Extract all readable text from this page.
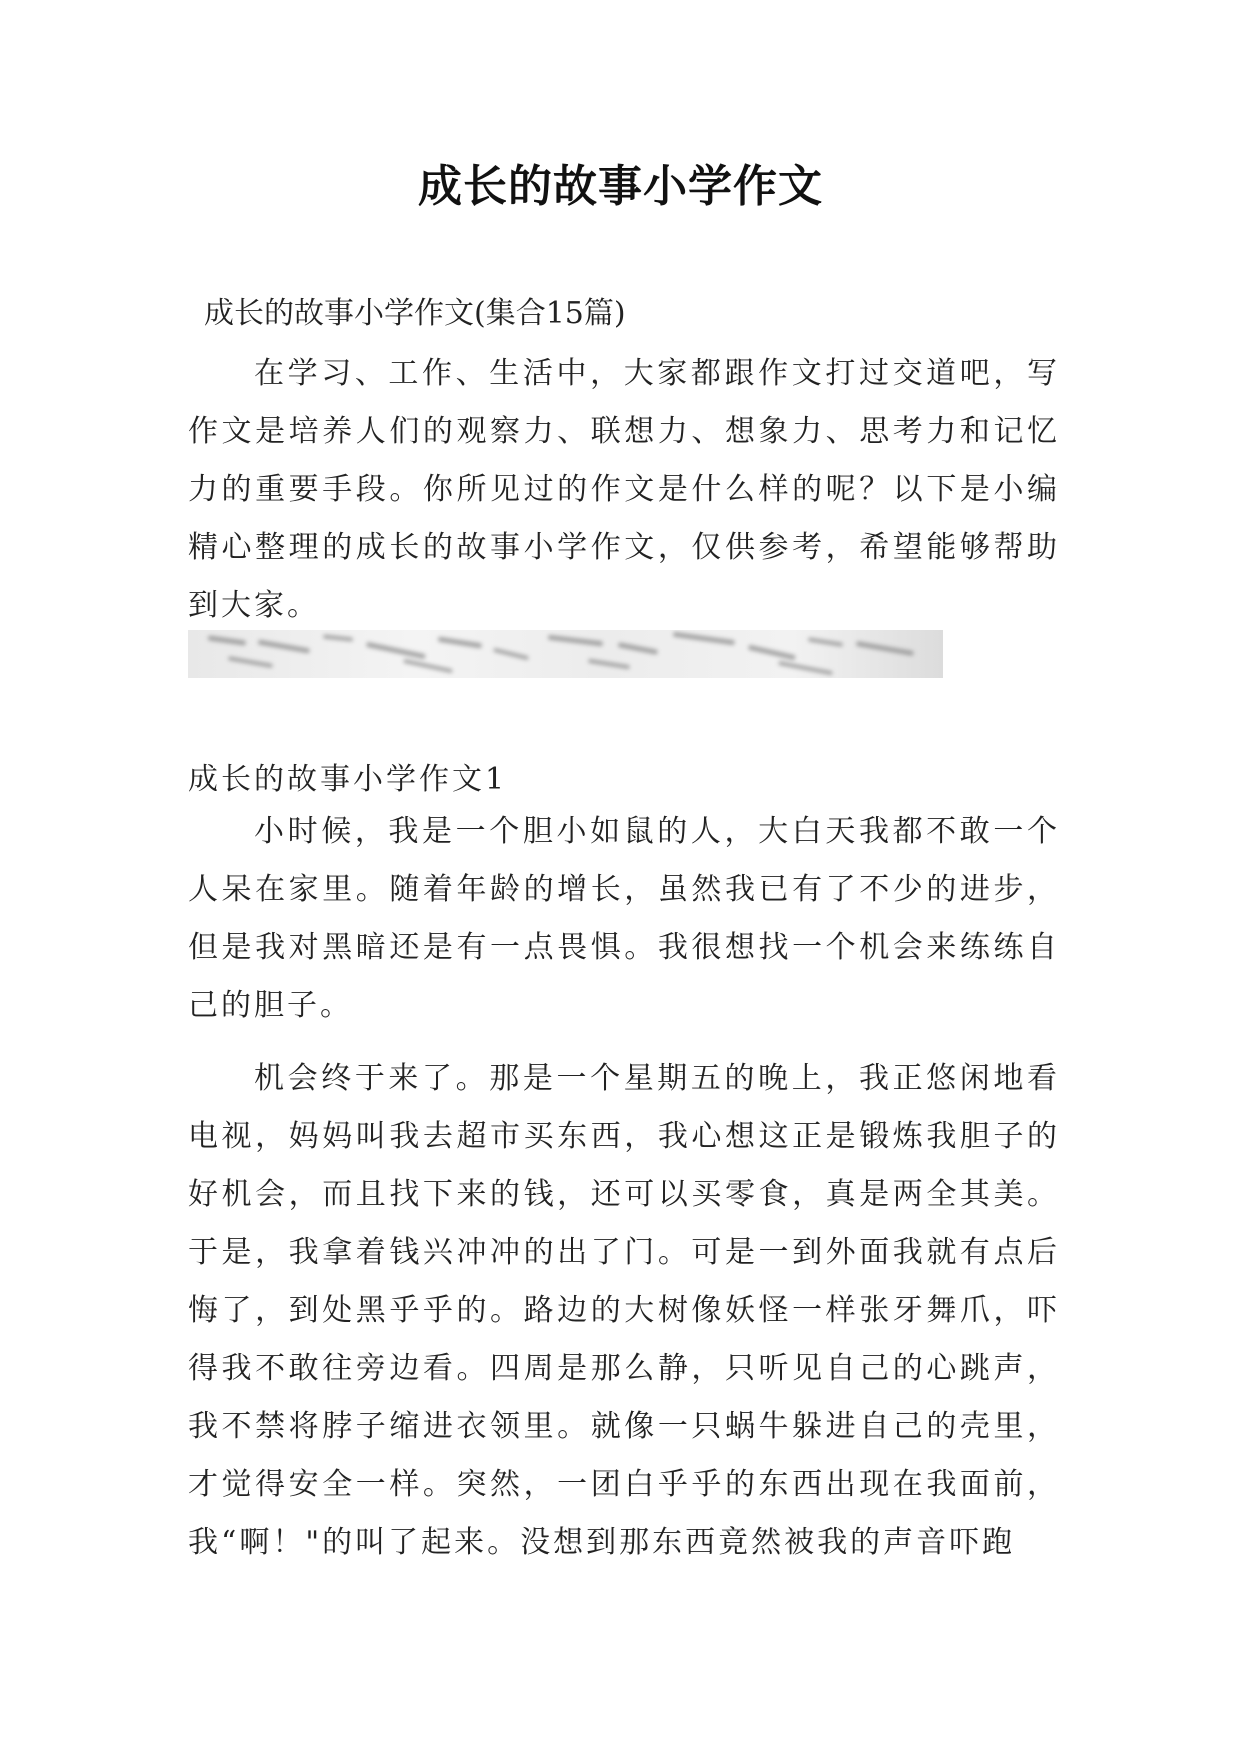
成长的故事小学作文
成长的故事小学作文(集合15篇)

在学习、工作、生活中，大家都跟作文打过交道吧，写作文是培养人们的观察力、联想力、想象力、思考力和记忆力的重要手段。你所见过的作文是什么样的呢？以下是小编精心整理的成长的故事小学作文，仅供参考，希望能够帮助到大家。

成长的故事小学作文1

小时候，我是一个胆小如鼠的人，大白天我都不敢一个人呆在家里。随着年龄的增长，虽然我已有了不少的进步，但是我对黑暗还是有一点畏惧。我很想找一个机会来练练自己的胆子。

机会终于来了。那是一个星期五的晚上，我正悠闲地看电视，妈妈叫我去超市买东西，我心想这正是锻炼我胆子的好机会，而且找下来的钱，还可以买零食，真是两全其美。于是，我拿着钱兴冲冲的出了门。可是一到外面我就有点后悔了，到处黑乎乎的。路边的大树像妖怪一样张牙舞爪，吓得我不敢往旁边看。四周是那么静，只听见自己的心跳声，我不禁将脖子缩进衣领里。就像一只蜗牛躲进自己的壳里，才觉得安全一样。突然，一团白乎乎的东西出现在我面前，我“啊！"的叫了起来。没想到那东西竟然被我的声音吓跑
